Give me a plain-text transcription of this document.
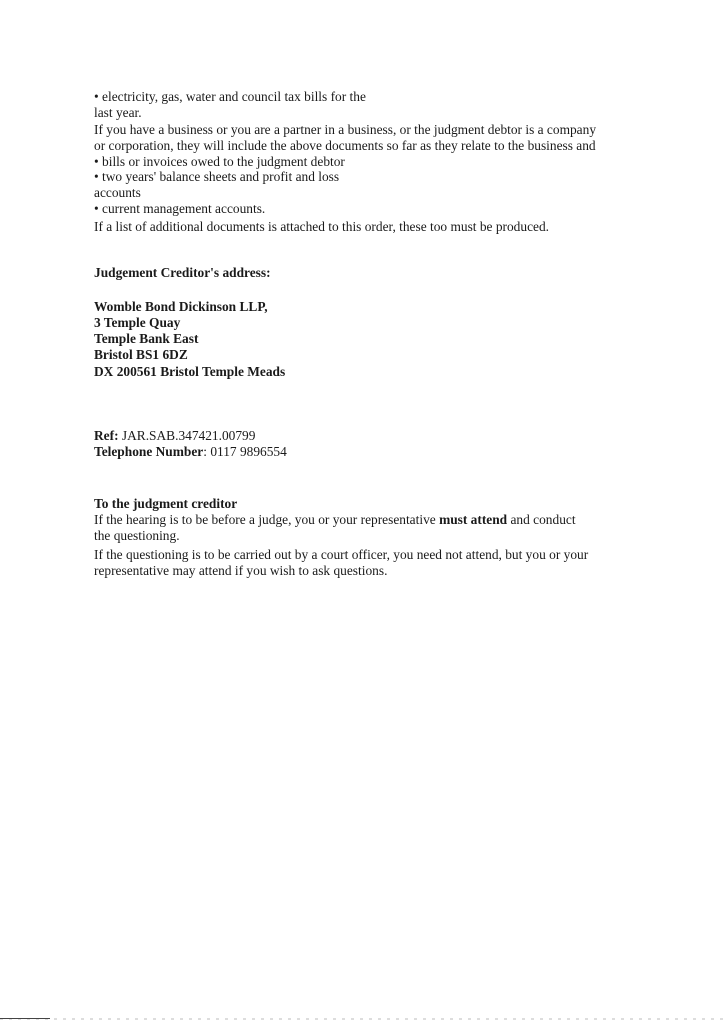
• electricity, gas, water and council tax bills for the
last year.
If you have a business or you are a partner in a business, or the judgment debtor is a company
or corporation, they will include the above documents so far as they relate to the business and
• bills or invoices owed to the judgment debtor
• two years' balance sheets and profit and loss
accounts
• current management accounts.
If a list of additional documents is attached to this order, these too must be produced.
Judgement Creditor's address:
Womble Bond Dickinson LLP,
3 Temple Quay
Temple Bank East
Bristol BS1 6DZ
DX 200561 Bristol Temple Meads
Ref: JAR.SAB.347421.00799
Telephone Number: 0117 9896554
To the judgment creditor
If the hearing is to be before a judge, you or your representative must attend and conduct
the questioning.
If the questioning is to be carried out by a court officer, you need not attend, but you or your
representative may attend if you wish to ask questions.
